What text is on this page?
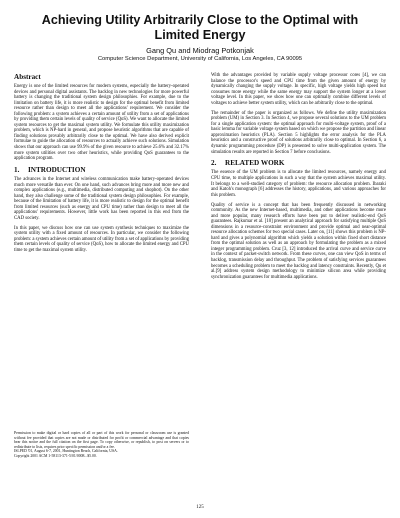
Achieving Utility Arbitrarily Close to the Optimal with Limited Energy
Gang Qu and Miodrag Potkonjak
Computer Science Department, University of California, Los Angeles, CA 90095
Abstract

Energy is one of the limited resources for modern systems, especially the battery-operated devices and personal digital assistants. The backlog in new technologies for more powerful battery is changing the traditional system design philosophies. For example, due to the limitation on battery life, it is more realistic to design for the optimal benefit from limited resource rather than design to meet all the applications' requirement. We consider the following problem: a system achieves a certain amount of utility from a set of applications by providing them certain levels of quality of service (QoS). We want to allocate the limited system resources to get the maximal system utility. We formulate this utility maximization problem, which is NP-hard in general, and propose heuristic algorithms that are capable of finding solutions provably arbitrarily close to the optimal. We have also derived explicit formulae to guide the allocation of resources to actually achieve such solutions. Simulation shows that our approach can use 99.9% of the given resource to achieve 25.6% and 32.17% more system utilities over two other heuristics, while providing QoS guarantees to the application program.

1. INTRODUCTION

The advances in the Internet and wireless communication make battery-operated devices much more versatile than ever. On one hand, such advances bring more and more new and complex applications (e.g., multimedia, distributed computing and shopbot). On the other hand, they also challenge some of the traditional system design philosophies. For example, because of the limitation of battery life, it is more realistic to design for the optimal benefit from limited resources (such as energy and CPU time) rather than design to meet all the applications' requirements. However, little work has been reported in this end from the CAD society.

In this paper, we discuss how one can use system synthesis techniques to maximize the system utility with a fixed amount of resources. In particular, we consider the following problem: a system achieves certain amount of utility from a set of applications by providing them certain levels of quality of service (QoS), how to allocate the limited energy and CPU time to get the maximal system utility.

Permission to make digital or hard copies of all or part of this work for personal or classroom use is granted without fee provided that copies are not made or distributed for profit or commercial advantage and that copies bear this notice and the full citation on the first page. To copy otherwise, or republish, to post on servers or to redistribute to lists, requires prior specific permission and/or a fee.
ISLPED '01, August 6-7, 2001, Huntington Beach, California, USA.
Copyright 2001 ACM 1-58113-371-5/01/0008...$5.00.

With the advantages provided by variable supply voltage processor cores [4], we can balance the processor's speed and CPU time from the given amount of energy by dynamically changing the supply voltage. In specific, high voltage yields high speed but consumes more energy while the same energy may support the system longer at a lower voltage level. In this paper, we show how one can optimally combine different levels of voltages to achieve better system utility, which can be arbitrarily close to the optimal.

The remainder of the paper is organized as follows. We define the utility maximization problem (UM) in Section 3. In Section 4, we propose several solutions to the UM problem for a single application system: the optimal approach for multi-voltage system, proof of a basic lemma for variable voltage system based on which we propose the partition and linear approximation heuristics (PLA). Section 5 highlights the error analysis for the PLA heuristics and a constructive proof of solutions arbitrarily close to optimal. In Section 6, a dynamic programming procedure (DP) is presented to solve multi-application system. The simulation results are reported in Section 7 before conclusions.

2. RELATED WORK

The essence of the UM problem is to allocate the limited resources, namely energy and CPU time, to multiple applications in such a way that the system achieves maximal utility. It belongs to a well-studied category of problem: the resource allocation problem. Ibaraki and Katoh's monograph [6] addresses the history, applications, and various approaches for this problem.

Quality of service is a concept that has been frequently discussed in networking community. As the new Internet-based, multimedia, and other applications become more and more popular, many research efforts have been put to deliver realistic-end QoS guarantees. Rajkumar et al. [10] present an analytical approach for satisfying multiple QoS dimensions in a resource-constraint environment and provide optimal and near-optimal resource allocation schemes for two special cases. Later on, [11] shows this problem is NP-hard and gives a polynomial algorithm which yields a solution within fixed short distance from the optimal solution as well as an approach by formulating the problem as a mixed integer programming problem. Cruz [3, 12] introduced the arrival curve and service curve in the context of packet-switch network. From these curves, one can view QoS in terms of backlog, transmission delay and throughput. The problem of satisfying services guarantees becomes a scheduling problem to meet the backlog and latency constraints. Recently, Qu et al.[9] address system design methodology to minimize silicon area while providing synchronization guarantees for multimedia applications.

125
